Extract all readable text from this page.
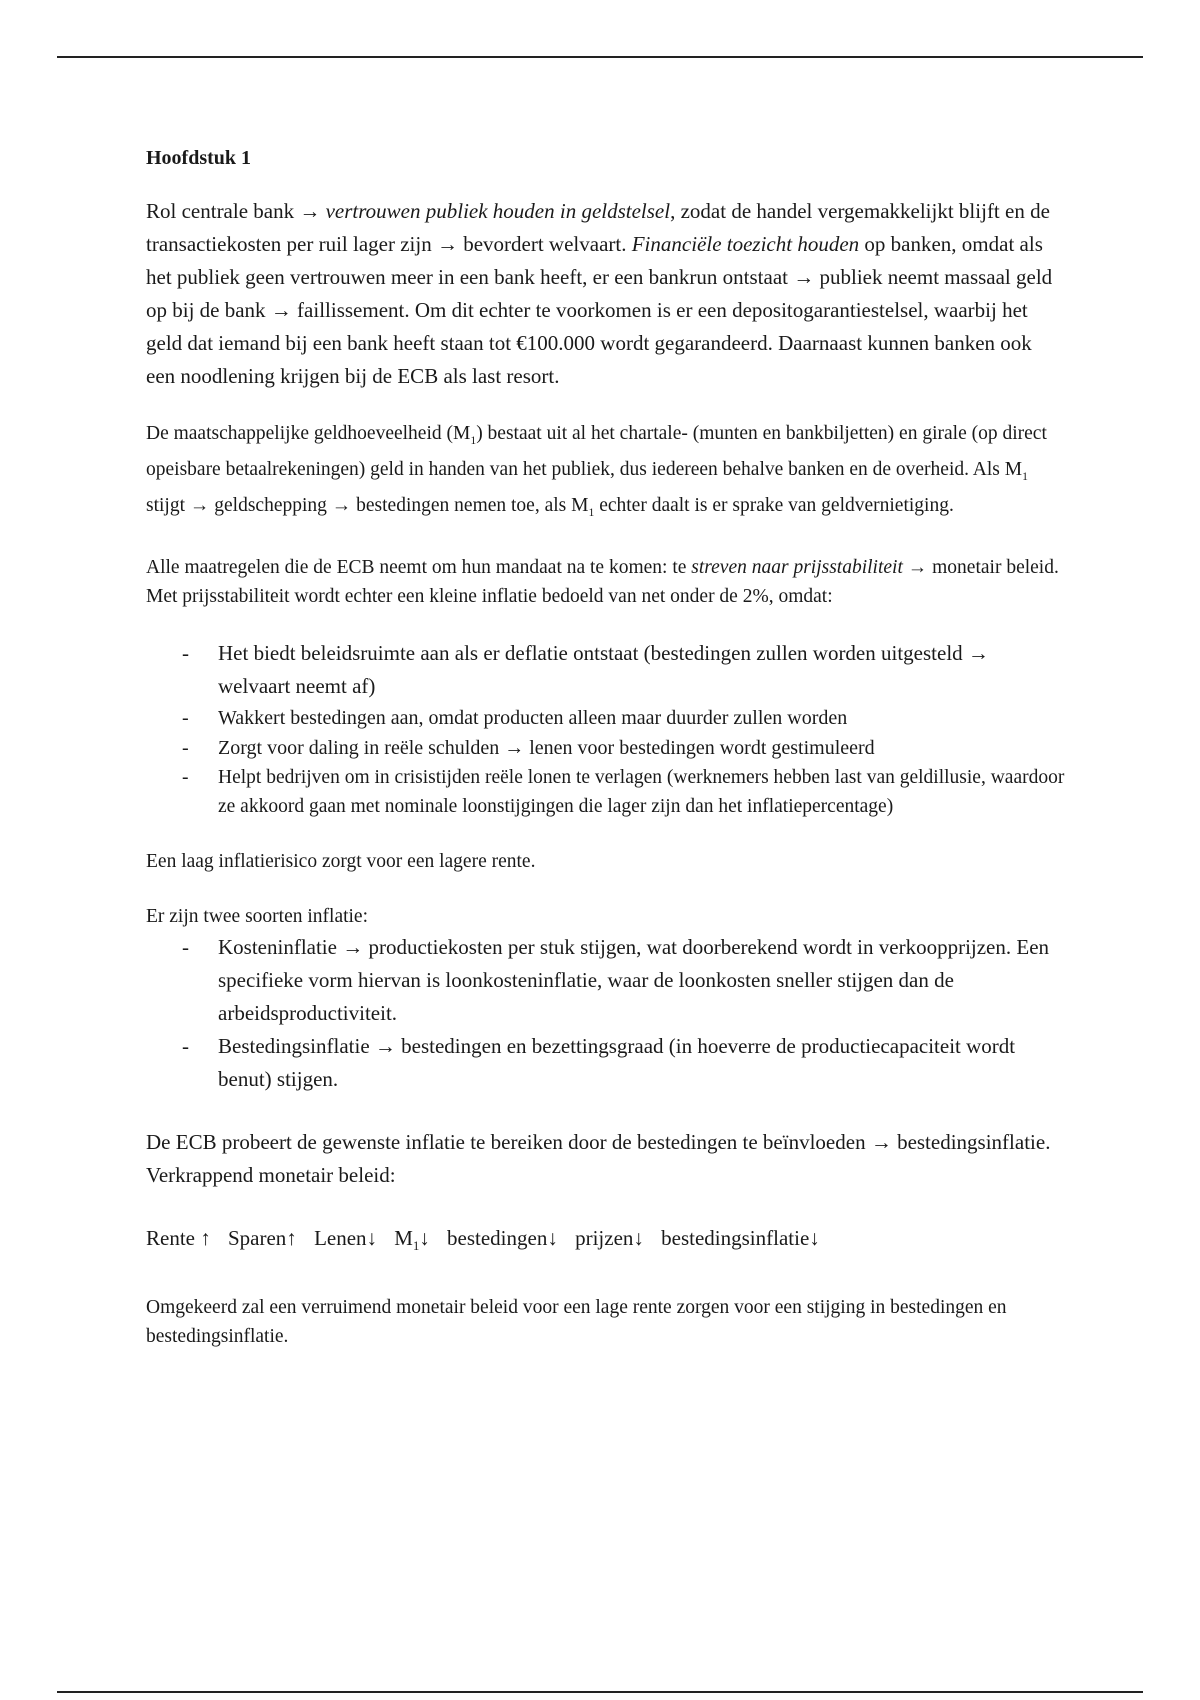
Hoofdstuk 1

Rol centrale bank → vertrouwen publiek houden in geldstelsel, zodat de handel vergemakkelijkt blijft en de transactiekosten per ruil lager zijn → bevordert welvaart. Financiële toezicht houden op banken, omdat als het publiek geen vertrouwen meer in een bank heeft, er een bankrun ontstaat → publiek neemt massaal geld op bij de bank → faillissement. Om dit echter te voorkomen is er een depositogarantiestelsel, waarbij het geld dat iemand bij een bank heeft staan tot €100.000 wordt gegarandeerd. Daarnaast kunnen banken ook een noodlening krijgen bij de ECB als last resort.

De maatschappelijke geldhoeveelheid $(M_1)$ bestaat uit al het chartale- (munten en bankbiljetten) en girale (op direct opeisbare betaalrekeningen) geld in handen van het publiek, dus iedereen behalve banken en de overheid. Als $M_1$ stijgt → geldschepping → bestedingen nemen toe, als $M_1$ echter daalt is er sprake van geldvernietiging.

Alle maatregelen die de ECB neemt om hun mandaat na te komen: te streven naar prijsstabiliteit → monetair beleid. Met prijsstabiliteit wordt echter een kleine inflatie bedoeld van net onder de 2%, omdat:

- Het biedt beleidsruimte aan als er deflatie ontstaat (bestedingen zullen worden uitgesteld → welvaart neemt af)
- Wakkert bestedingen aan, omdat producten alleen maar duurder zullen worden
- Zorgt voor daling in reële schulden → lenen voor bestedingen wordt gestimuleerd
- Helpt bedrijven om in crisistijden reële lonen te verlagen (werknemers hebben last van geldillusie, waardoor ze akkoord gaan met nominale loonstijgingen die lager zijn dan het inflatiepercentage)

Een laag inflatierisico zorgt voor een lagere rente.

Er zijn twee soorten inflatie:

- Kosteninflatie → productiekosten per stuk stijgen, wat doorberekend wordt in verkoopprijzen. Een specifieke vorm hiervan is loonkosteninflatie, waar de loonkosten sneller stijgen dan de arbeidsproductiviteit.
- Bestedingsinflatie → bestedingen en bezettingsgraad (in hoeverre de productiecapaciteit wordt benut) stijgen.

De ECB probeert de gewenste inflatie te bereiken door de bestedingen te beïnvloeden → bestedingsinflatie. Verkrappend monetair beleid:

Rente ↑ Sparen↑ Lenen↓ $M_1↓$ bestedingen↓ prijzen↓ bestedingsinflatie↓

Omgekeerd zal een verruimend monetair beleid voor een lage rente zorgen voor een stijging in bestedingen en bestedingsinflatie.
